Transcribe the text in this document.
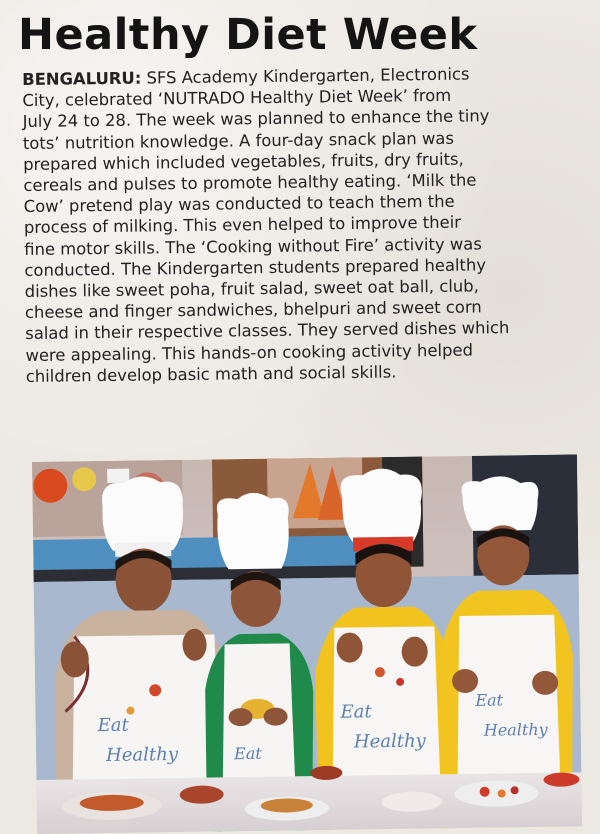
Healthy Diet Week

BENGALURU: SFS Academy Kindergarten, Electronics
City, celebrated ‘NUTRADO Healthy Diet Week’ from
July 24 to 28. The week was planned to enhance the tiny
tots’ nutrition knowledge. A four-day snack plan was
prepared which included vegetables, fruits, dry fruits,
cereals and pulses to promote healthy eating. ‘Milk the
Cow’ pretend play was conducted to teach them the
process of milking. This even helped to improve their
fine motor skills. The ‘Cooking without Fire’ activity was
conducted. The Kindergarten students prepared healthy
dishes like sweet poha, fruit salad, sweet oat ball, club,
cheese and finger sandwiches, bhelpuri and sweet corn
salad in their respective classes. They served dishes which
were appealing. This hands-on cooking activity helped
children develop basic math and social skills.

Eat
Healthy	Eat
Eat
Healthy
Eat
Healthy
